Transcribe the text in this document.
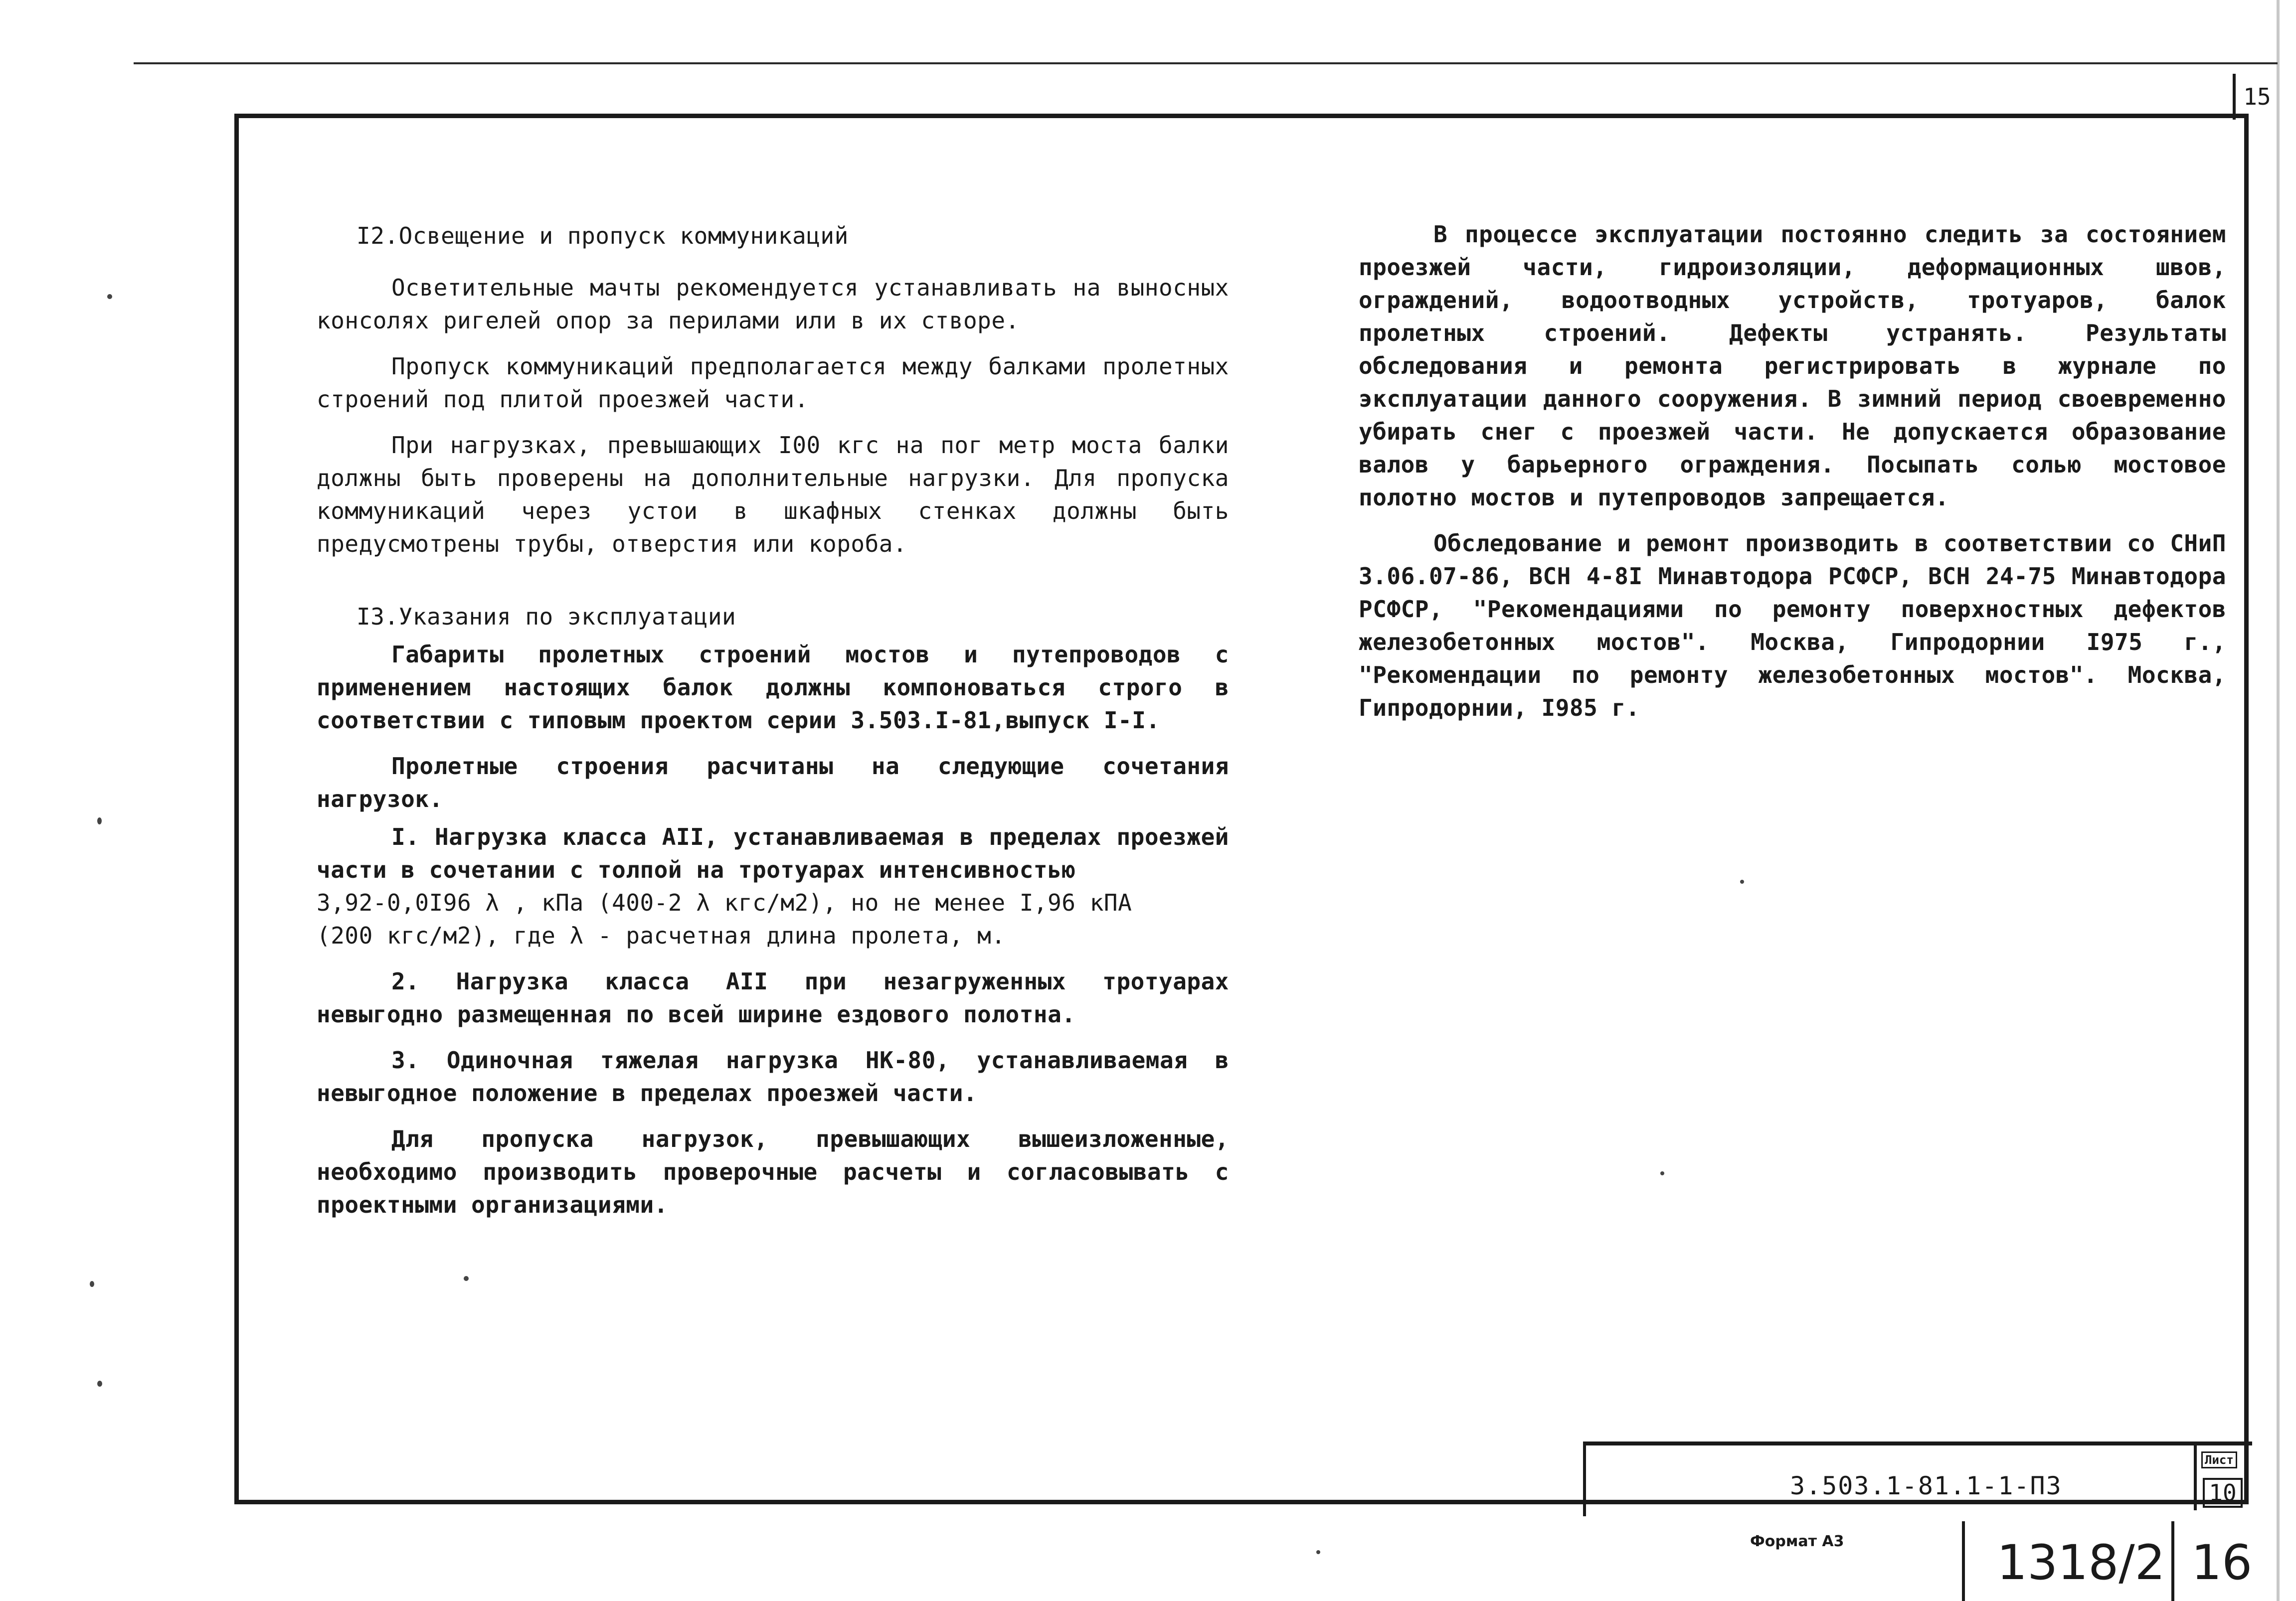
15
I2.Освещение и пропуск коммуникаций

Осветительные мачты рекомендуется устанавливать на выносных консолях ригелей опор за перилами или в их створе.

Пропуск коммуникаций предполагается между балками пролетных строений под плитой проезжей части.

При нагрузках, превышающих I00 кгс на пог метр моста балки должны быть проверены на дополнительные нагрузки. Для пропуска коммуникаций через устои в шкафных стенках должны быть предусмотрены трубы, отверстия или короба.

I3.Указания по эксплуатации

Габариты пролетных строений мостов и путепроводов с применением настоящих балок должны компоноваться строго в соответствии с типовым проектом серии 3.503.I-81,выпуск I-I.

Пролетные строения расчитаны на следующие сочетания нагрузок.

I. Нагрузка класса АII, устанавливаемая в пределах проезжей части в сочетании с толпой на тротуарах интенсивностью

3,92-0,0I96 λ , кПа (400-2 λ кгс/м2), но не менее I,96 кПА

(200 кгс/м2), где λ - расчетная длина пролета, м.

2. Нагрузка класса АII при незагруженных тротуарах невыгодно размещенная по всей ширине ездового полотна.

3. Одиночная тяжелая нагрузка НК-80, устанавливаемая в невыгодное положение в пределах проезжей части.

Для пропуска нагрузок, превышающих вышеизложенные, необходимо производить проверочные расчеты и согласовывать с проектными организациями.

В процессе эксплуатации постоянно следить за состоянием проезжей части, гидроизоляции, деформационных швов, ограждений, водоотводных устройств, тротуаров, балок пролетных строений. Дефекты устранять. Результаты обследования и ремонта регистрировать в журнале по эксплуатации данного сооружения. В зимний период своевременно убирать снег с проезжей части. Не допускается образование валов у барьерного ограждения. Посыпать солью мостовое полотно мостов и путепроводов запрещается.

Обследование и ремонт производить в соответствии со СНиП 3.06.07-86, ВСН 4-8I Минавтодора РСФСР, ВСН 24-75 Минавтодора РСФСР, "Рекомендациями по ремонту поверхностных дефектов железобетонных мостов". Москва, Гипродорнии I975 г., "Рекомендации по ремонту железобетонных мостов". Москва, Гипродорнии, I985 г.

3.503.1-81.1-1-ПЗ
Лист
10
Формат А3	1318/2 16
